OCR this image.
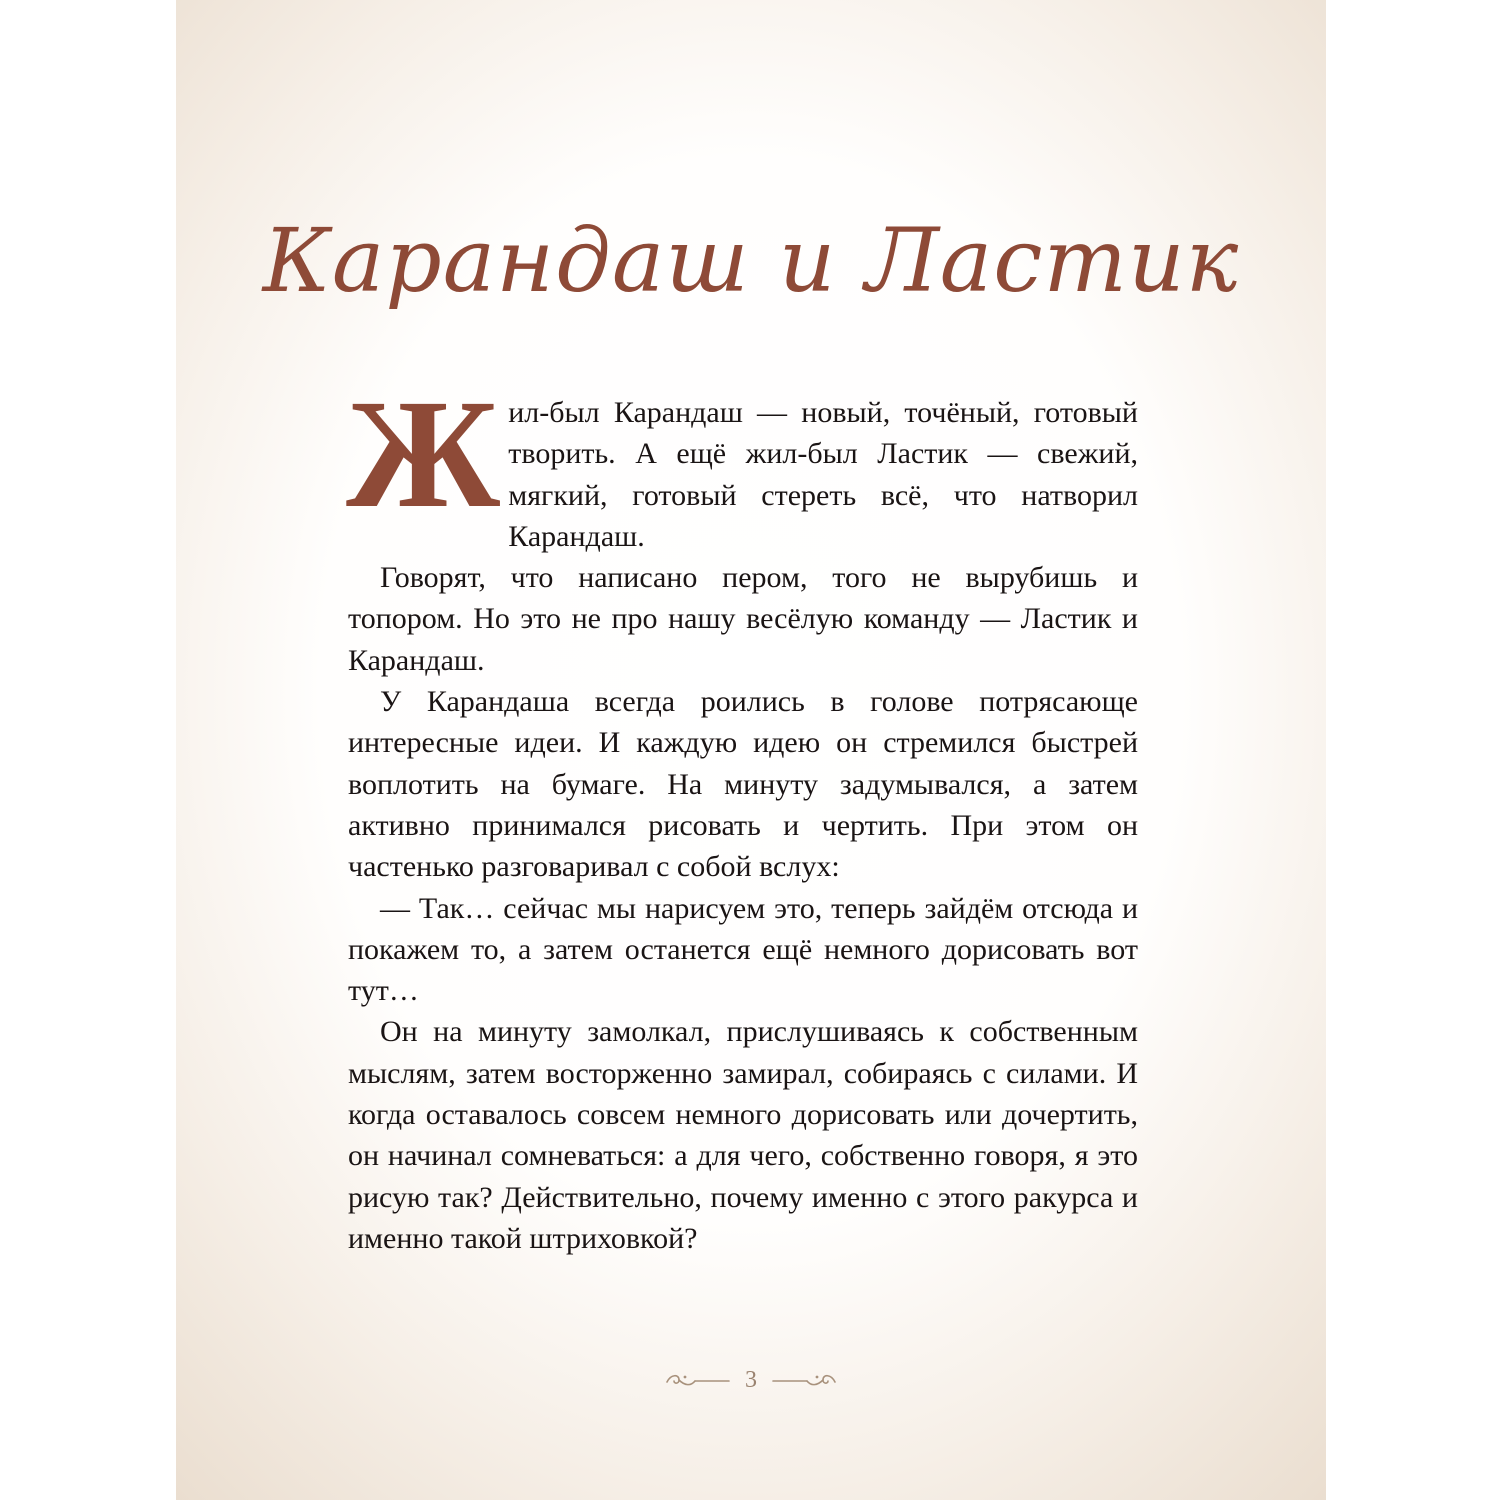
Карандаш и Ластик

Жил-был Карандаш — новый, точёный, готовый творить. А ещё жил-был Ластик — свежий, мягкий, готовый стереть всё, что натворил Карандаш.

Говорят, что написано пером, того не вырубишь и топором. Но это не про нашу весёлую команду — Ластик и Карандаш.

У Карандаша всегда роились в голове потрясающе интересные идеи. И каждую идею он стремился быстрей воплотить на бумаге. На минуту задумывался, а затем активно принимался рисовать и чертить. При этом он частенько разговаривал с собой вслух:

— Так… сейчас мы нарисуем это, теперь зайдём отсюда и покажем то, а затем останется ещё немного дорисовать вот тут…

Он на минуту замолкал, прислушиваясь к собственным мыслям, затем восторженно замирал, собираясь с силами. И когда оставалось совсем немного дорисовать или дочертить, он начинал сомневаться: а для чего, собственно говоря, я это рисую так? Действительно, почему именно с этого ракурса и именно такой штриховкой?

3
